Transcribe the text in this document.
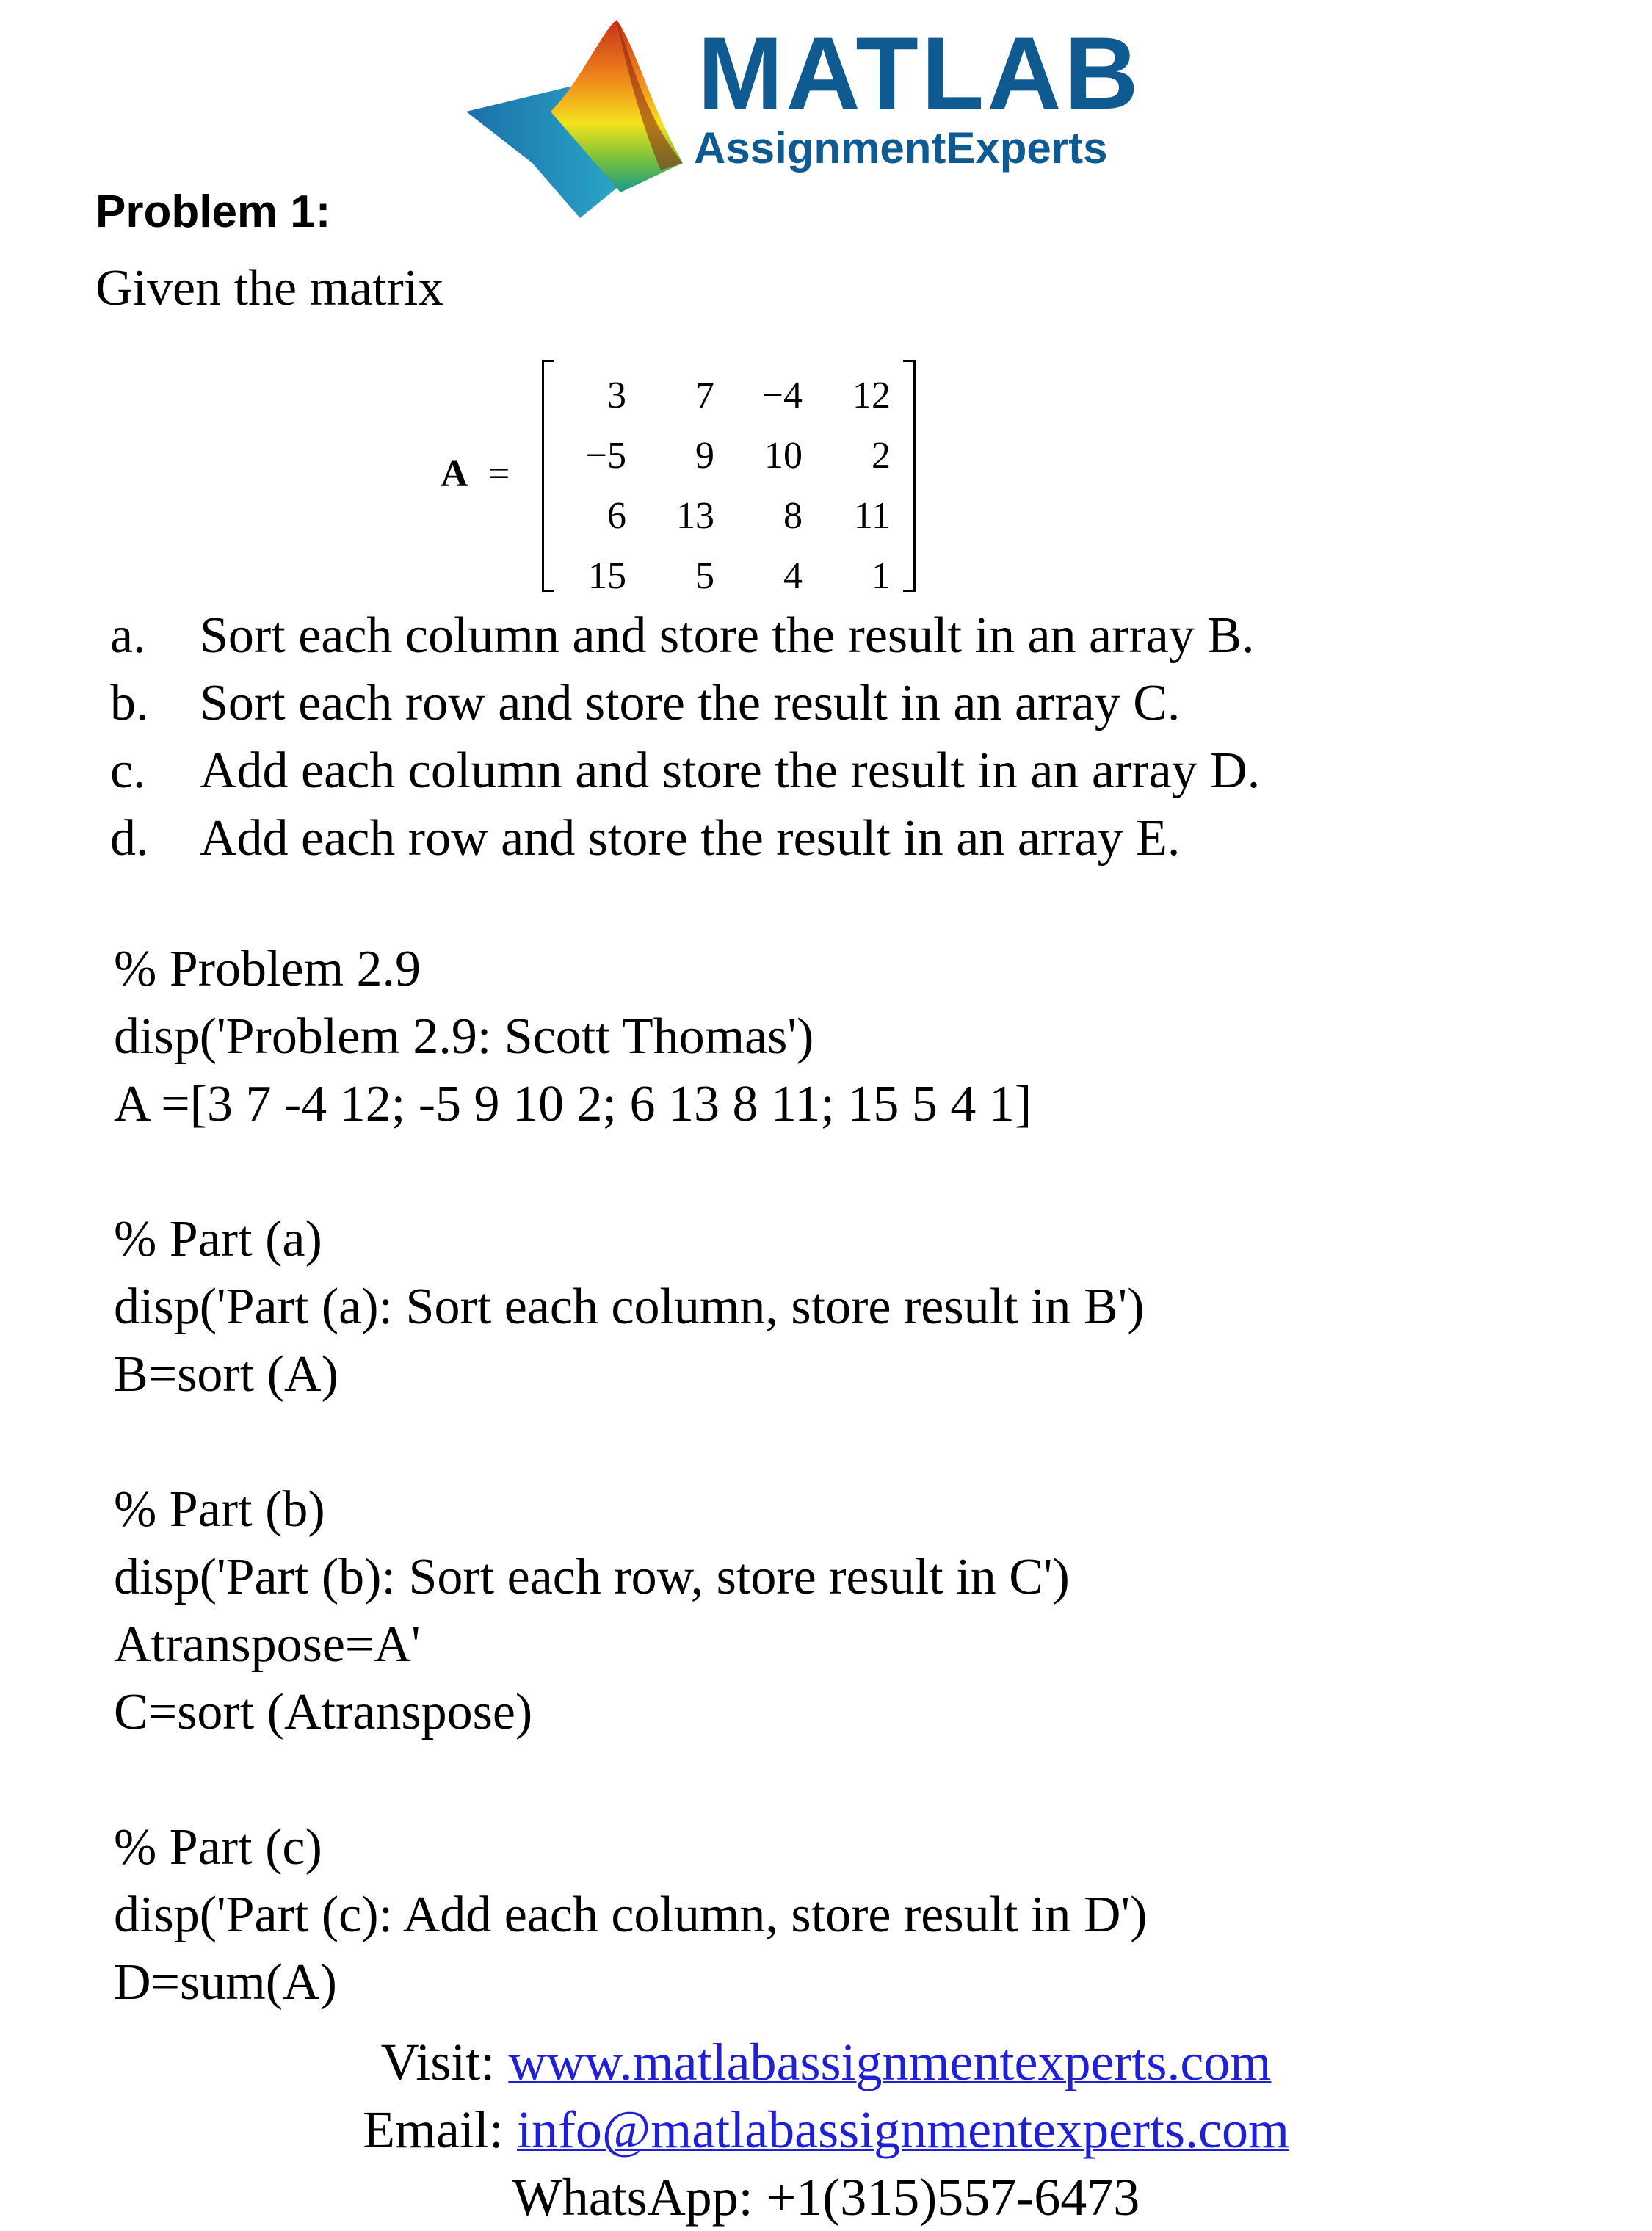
MATLAB
AssignmentExperts
Problem 1:
Given the matrix
A =
3	7	−4	12
−5	9	10	2
6	13	8	11
15	5	4	1
a. Sort each column and store the result in an array B.
b. Sort each row and store the result in an array C.
c. Add each column and store the result in an array D.
d. Add each row and store the result in an array E.
% Problem 2.9
disp('Problem 2.9: Scott Thomas')
A =[3 7 -4 12; -5 9 10 2; 6 13 8 11; 15 5 4 1]
% Part (a)
disp('Part (a): Sort each column, store result in B')
B=sort (A)
% Part (b)
disp('Part (b): Sort each row, store result in C')
Atranspose=A'
C=sort (Atranspose)
% Part (c)
disp('Part (c): Add each column, store result in D')
D=sum(A)
Visit: www.matlabassignmentexperts.com
Email: info@matlabassignmentexperts.com
WhatsApp: +1(315)557-6473
